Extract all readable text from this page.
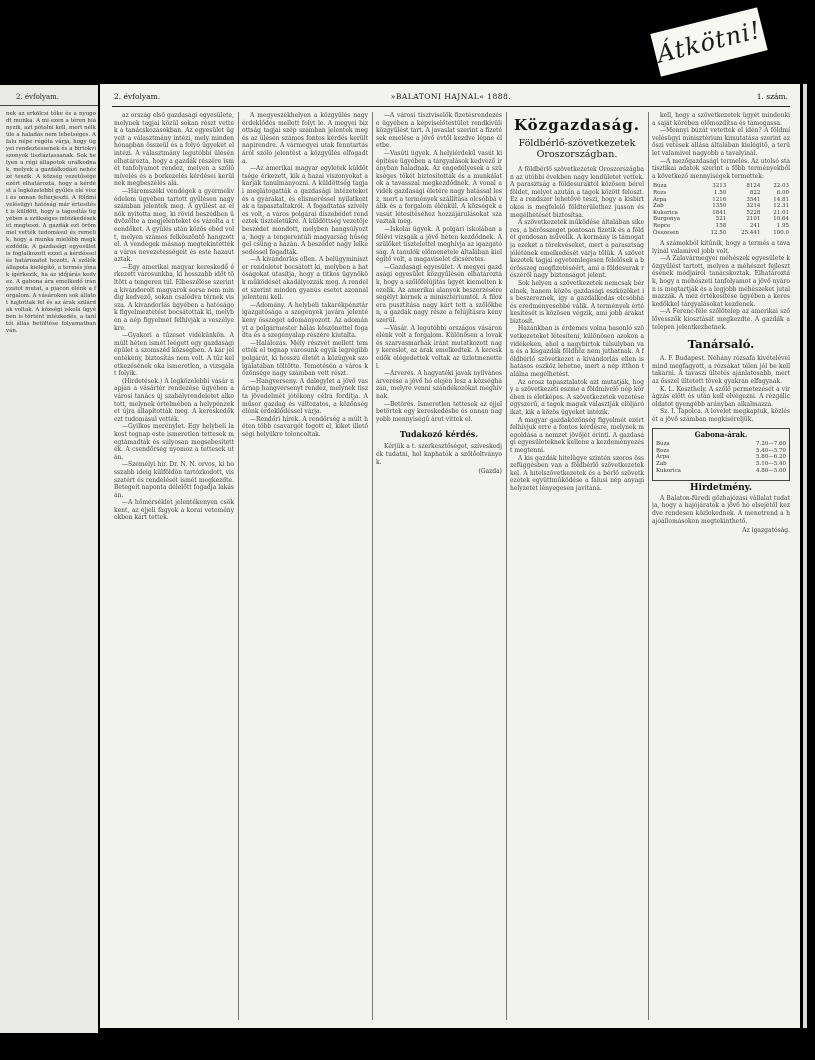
2. évfolyam.
nek az erkölcsi tőke és a nyugodt munka. A mi ezen a téren hiányzik, azt pótolni kell, mert nélküle a haladás nem lehetséges. A falu népe régóta várja, hogy ügyei rendeztessenek és a birtokviszonyok tisztáztassanak. Sok helyen a régi állapotok uralkodnak, melyek a gazdálkodást nehézzé teszik. A község vezetősége ezért elhatározta, hogy a kérdést a legközelebbi gyűlés elé viszi és onnan felterjeszti. A földmívelésügyi hatóság már értesítést is küldött, hogy a tagosítás ügyében a szükséges intézkedéseket megteszi. A gazdák ezt örömmel vették tudomásul és remélik, hogy a munka mielőbb megkezdődik. A gazdasági egyesület is foglalkozott ezzel a kérdéssel és határozatot hozott. A szőlők állapota kielégítő, a termés jónak ígérkezik, ha az időjárás kedvez. A gabona ára emelkedő irányzatot mutat, a piacon élénk a forgalom. A vásárokon sok állatot hajtottak fel és az árak szilárdak voltak. A községi iskola ügyében is történt intézkedés, a tanítói állás betöltése folyamatban van.
2. évfolyam.	»BALATONI HAJNAL« 1888.	1. szám.

az ország első gazdasági egyesülete, melynek tagjai közül sokan részt vettek a tanácskozásokban. Az egyesület ügyeit a választmány intézi, mely minden hónapban összeül és a folyó ügyeket elintézi. A választmány legutóbbi ülésén elhatározta, hogy a gazdák részére ismét tanfolyamot rendez, melyen a szőlőmívelés és a borkezelés kérdései kerülnek megbeszélés alá.

—Háromszéki vendégek a gyermekvédelem ügyében tartott gyűlésen nagy számban jelentek meg. A gyűlést az elnök nyitotta meg, ki rövid beszédben üdvözölte a megjelenteket és vázolta a teendőket. A gyűlés után közös ebéd volt, melyen számos felköszöntő hangzott el. A vendégek másnap megtekintették a város nevezetességeit és este hazautaztak.

—Egy amerikai magyar kereskedő érkezett városunkba, ki hosszabb időt töltött a tengeren túl. Elbeszélése szerint a kivándorolt magyarok sorsa nem mindig kedvező, sokan csalódva térnek vissza. A kivándorlás ügyében a hatóságok figyelmeztetést bocsátottak ki, melyben a nép figyelmét felhívják a veszélyekre.

—Gyakori a tűzeset vidékünkön. A múlt héten ismét leégett egy gazdasági épület a szomszéd községben. A kár jelentékeny, biztosítás nem volt. A tűz keletkezésének oka ismeretlen, a vizsgálat folyik.

(Hirdetések.) A legközelebbi vásár napján a vásártér rendezése ügyében a városi tanács új szabályrendeletet alkotott, melynek értelmében a helypénzeket újra állapították meg. A kereskedők ezt tudomásul vették.

—Gyilkos merénylet. Egy helybeli lakost tegnap este ismeretlen tettesek megtámadták és súlyosan megsebesítették. A csendőrség nyomoz a tettesek után.

—Személyi hír. Dr. N. N. orvos, ki hosszabb ideig külföldön tartózkodott, visszatért és rendelését ismét megkezdte. Betegeit naponta délelőtt fogadja lakásán.

—A hőmérséklet jelentékenyen csökkent, az éjjeli fagyok a korai veteményekben kárt tettek.

A megyeszékhelyen a közgyűlés nagy érdeklődés mellett folyt le. A megyei bizottság tagjai szép számban jelentek meg és az ülésen számos fontos kérdés került napirendre. A vármegyei utak fenntartásáról szóló jelentést a közgyűlés elfogadta.

—Az amerikai magyar egyletek küldöttsége érkezett, kik a hazai viszonyokat akarják tanulmányozni. A küldöttség tagjai meglátogatták a gazdasági intézeteket és a gyárakat, és elismeréssel nyilatkoztak a tapasztaltakról. A fogadtatás szívélyes volt, a város polgárai díszebédet rendeztek tiszteletükre. A küldöttség vezetője beszédet mondott, melyben hangsúlyozta, hogy a tengerentúli magyarság hűséggel csüng a hazán. A beszédet nagy lelkesedéssel fogadták.

—A kivándorlás ellen. A belügyminiszter rendeletet bocsátott ki, melyben a hatóságokat utasítja, hogy a titkos ügynökök működését akadályozzák meg. A rendelet szerint minden gyanús esetet azonnal jelenteni kell.

—Adomány. A helybeli takarékpénztár igazgatósága a szegények javára jelentékeny összeget adományozott. Az adományt a polgármester hálás köszönettel fogadta és a szegényalap részére kiutalta.

—Halálozás. Mély részvét mellett temették el tegnap városunk egyik legrégibb polgárát, ki hosszú életét a közügyek szolgálatában töltötte. Temetésén a város közönsége nagy számban vett részt.

—Hangverseny. A dalegylet a jövő vasárnap hangversenyt rendez, melynek tiszta jövedelmét jótékony célra fordítja. A műsor gazdag és változatos, a közönség élénk érdeklődéssel várja.

—Rendőri hírek. A rendőrség a múlt héten több csavargót fogott el, kiket illetőségi helyükre toloncoltak.

—A városi tisztviselők fizetésrendezése ügyében a képviselőtestület rendkívüli közgyűlést tart. A javaslat szerint a fizetések emelése a jövő évtől kezdve lépne életbe.

—Vasúti ügyek. A helyiérdekű vasút kiépítése ügyében a tárgyalások kedvező irányban haladnak. Az engedélyesek a szükséges tőkét biztosították és a munkálatok a tavasszal megkezdődnek. A vonal a vidék gazdasági életére nagy hatással lesz, mert a termények szállítása olcsóbbá válik és a forgalom élénkül. A községek a vasút létesítéséhez hozzájárulásokat szavaztak meg.

—Iskolai ügyek. A polgári iskolában a félévi vizsgák a jövő héten kezdődnek. A szülőket tisztelettel meghívja az igazgatóság. A tanulók előmenetele általában kielégítő volt, a magaviselet dicséretes.

—Gazdasági egyesület. A megyei gazdasági egyesület közgyűlésén elhatározták, hogy a szőlőfelújítás ügyét kiemelten kezelik. Az amerikai alanyok beszerzésére segélyt kérnek a minisztériumtól. A filoxera pusztítása nagy kárt tett a szőlőkben, a gazdák nagy része a felújításra kényszerül.

—Vásár. A legutóbbi országos vásáron élénk volt a forgalom. Különösen a lovak és szarvasmarhák iránt mutatkozott nagy kereslet, az árak emelkedtek. A kereskedők elégedettek voltak az üzletmenettel.

—Árverés. A hagyatéki javak nyilvános árverése a jövő hó elején lesz a községházán, melyre venni szándékozókat meghívnak.

—Betörés. Ismeretlen tettesek az éjjel betörtek egy kereskedésbe és onnan nagyobb mennyiségű árut vittek el.

Tudakozó kérdés.

Kérjük a t. szerkesztőséget, szíveskedjék tudatni, hol kaphatók a szőlőoltványok.

(Gazda)
Közgazdaság.
Földbérlő-szövetkezetek Oroszországban.

A földbérlő szövetkezetek Oroszországban az utóbbi években nagy lendületet vettek. A parasztság a földesuraktól közösen bérel földet, melyet azután a tagok között feloszt. Ez a rendszer lehetővé teszi, hogy a kisbirtokos is megfelelő földterülethez jusson és megélhetését biztosítsa.

A szövetkezetek működése általában sikeres, a bérösszeget pontosan fizetik és a földet gondosan művelik. A kormány is támogatja ezeket a törekvéseket, mert a parasztság jólétének emelkedését várja tőlük. A szövetkezetek tagjai egyetemlegesen felelősek a bérösszeg megfizetéséért, ami a földesurak részéről nagy biztonságot jelent.

Sok helyen a szövetkezetek nemcsak bérelnek, hanem közös gazdasági eszközöket is beszereznek, így a gazdálkodás olcsóbbá és eredményesebbé válik. A termények értékesítését is közösen végzik, ami jobb árakat biztosít.

Hazánkban is érdemes volna hasonló szövetkezeteket létesíteni, különösen azokon a vidékeken, ahol a nagybirtok túlsúlyban van és a kisgazdák földhöz nem juthatnak. A földbérlő szövetkezet a kivándorlás ellen is hatásos eszköz lehetne, mert a nép itthon találna megélhetést.

Az orosz tapasztalatok azt mutatják, hogy a szövetkezeti eszme a földmívelő nép körében is életképes. A szövetkezetek vezetése egyszerű, a tagok maguk választják elöljáróikat, kik a közös ügyeket intézik.

A magyar gazdaközönség figyelmét ezért felhívjuk erre a fontos kérdésre, melynek megoldása a nemzet jövőjét érinti. A gazdasági egyesületeknek kellene a kezdeményezést megtenni.

A kis gazdák hitelügye szintén szoros összefüggésben van a földbérlő szövetkezetekkel. A hitelszövetkezetek és a bérlő szövetkezetek együttműködése a falusi nép anyagi helyzetét lényegesen javítaná.

kell, hogy a szövetkezetek ügyét mindenki a saját körében előmozdítsa és támogassa.

—Mennyi búzát vetettek el idén? A földmívelésügyi minisztérium kimutatása szerint az őszi vetések állása általában kielégítő, a terület valamivel nagyobb a tavalyinál.

—A mezőgazdasági termelés. Az utolsó statisztikai adatok szerint a főbb terményekből a következő mennyiségek termettek:

Búza	3213	8124	22.03
Rozs	1.50	822	6.00
Árpa	1216	3541	14.81
Zab	1350	3214	12.31
Kukorica	1841	5228	21.01
Burgonya	521	2101	10.64
Repce	158	241	1.95
Összesen	12.50	25.441	100.0

A számokból kitűnik, hogy a termés a tavalyinál valamivel jobb volt.

—A Zalavármegyei méhészek egyesülete közgyűlést tartott, melyen a méhészet fejlesztésének módjairól tanácskoztak. Elhatározták, hogy a méhészeti tanfolyamot a jövő nyáron is megtartják és a legjobb méhészeket jutalmazzák. A méz értékesítése ügyében a kereskedőkkel tárgyalásokat kezdenek.

—A Ferenc-féle szőlőtelep az amerikai szőlővesszők kiosztását megkezdte. A gazdák a telepen jelentkezhetnek.

Tanársaló.

A. F. Budapest. Néhány rózsafa kivételével mind megfagyott, a rózsákat télen jól be kell takarni. A tavaszi ültetés ajánlatosabb, mert az ősszel ültetett tövek gyakran elfagynak.

K. L. Keszthely. A szőlő permetezését a virágzás előtt és után kell elvégezni. A rézgálic oldatot gyengébb arányban alkalmazza.

Sz. I. Tapolca. A levelet megkaptuk, közlését a jövő számban megkíséreljük.

Gabona-árak.
Búza	7.20—7.60
Rozs	5.40—5.70
Árpa	5.80—6.20
Zab	5.10—5.40
Kukorica	4.80—5.00
Hirdetmény.

A Balaton-füredi gőzhajózási vállalat tudatja, hogy a hajójáratok a jövő hó elsejétől kezdve rendesen közlekednek. A menetrend a hajóállomásokon megtekinthető.

Az igazgatóság.
Átkötni!
